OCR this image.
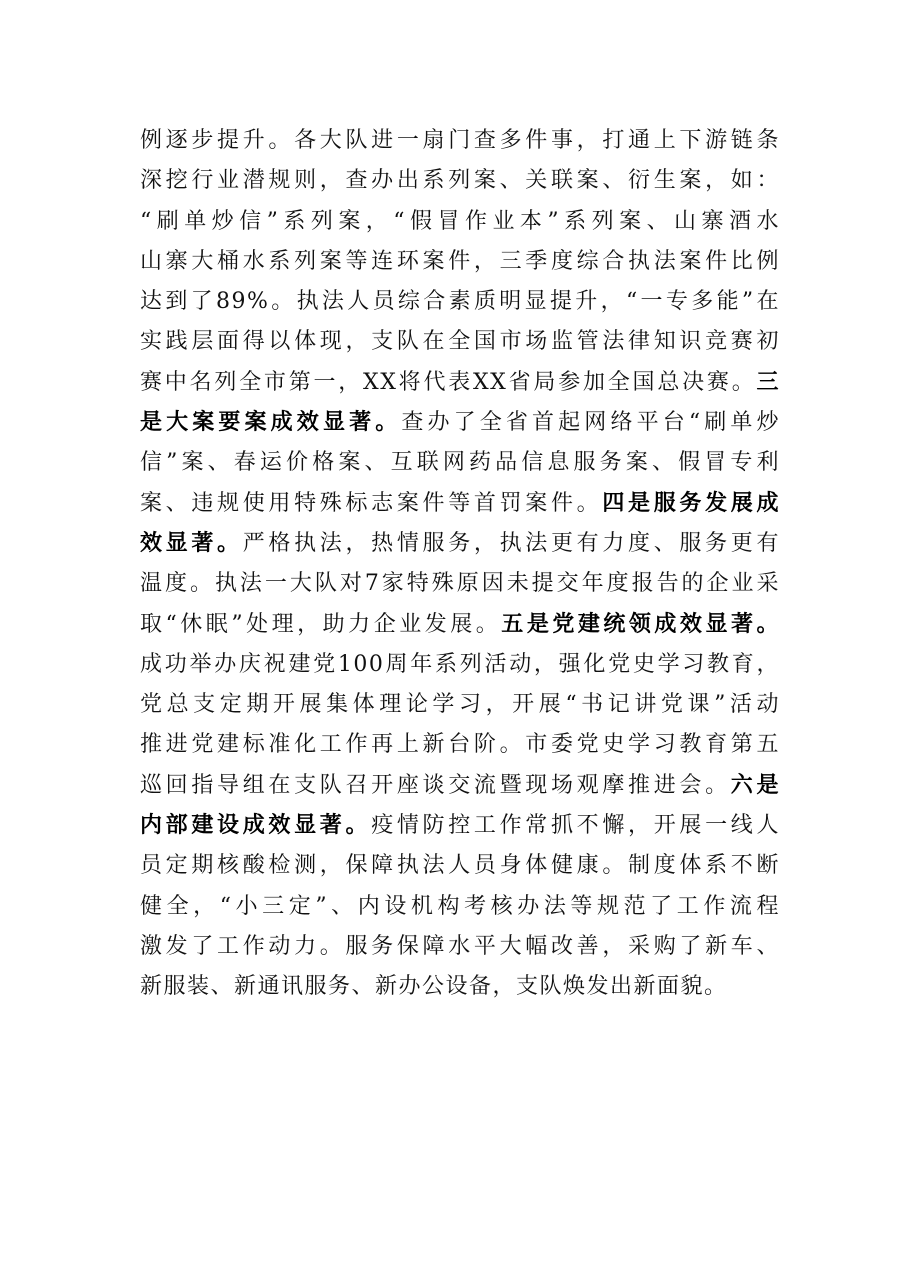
例逐步提升。各大队进一扇门查多件事，打通上下游链条
深挖行业潜规则，查办出系列案、关联案、衍生案，如：
“刷单炒信”系列案，“假冒作业本”系列案、山寨酒水
山寨大桶水系列案等连环案件，三季度综合执法案件比例
达到了89%。执法人员综合素质明显提升，“一专多能”在
实践层面得以体现，支队在全国市场监管法律知识竞赛初
赛中名列全市第一，XX将代表XX省局参加全国总决赛。三
是大案要案成效显著。查办了全省首起网络平台“刷单炒
信”案、春运价格案、互联网药品信息服务案、假冒专利
案、违规使用特殊标志案件等首罚案件。四是服务发展成
效显著。严格执法，热情服务，执法更有力度、服务更有
温度。执法一大队对7家特殊原因未提交年度报告的企业采
取“休眠”处理，助力企业发展。五是党建统领成效显著。
成功举办庆祝建党100周年系列活动，强化党史学习教育，
党总支定期开展集体理论学习，开展“书记讲党课”活动
推进党建标准化工作再上新台阶。市委党史学习教育第五
巡回指导组在支队召开座谈交流暨现场观摩推进会。六是
内部建设成效显著。疫情防控工作常抓不懈，开展一线人
员定期核酸检测，保障执法人员身体健康。制度体系不断
健全，“小三定”、内设机构考核办法等规范了工作流程
激发了工作动力。服务保障水平大幅改善，采购了新车、
新服装、新通讯服务、新办公设备，支队焕发出新面貌。
